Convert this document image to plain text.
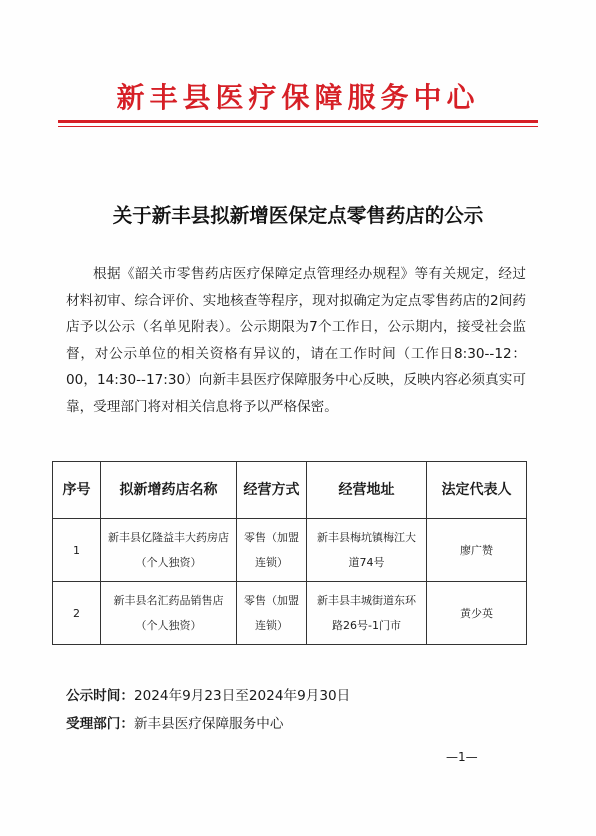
新丰县医疗保障服务中心
关于新丰县拟新增医保定点零售药店的公示
根据《韶关市零售药店医疗保障定点管理经办规程》等有关规定，经过材料初审、综合评价、实地核查等程序，现对拟确定为定点零售药店的2间药店予以公示（名单见附表）。公示期限为7个工作日，公示期内，接受社会监督，对公示单位的相关资格有异议的，请在工作时间（工作日8:30--12：00，14:30--17:30）向新丰县医疗保障服务中心反映，反映内容必须真实可靠，受理部门将对相关信息将予以严格保密。
序号	拟新增药店名称	经营方式	经营地址	法定代表人
1	新丰县亿隆益丰大药房店（个人独资）	零售（加盟连锁）	新丰县梅坑镇梅江大道74号	廖广赞
2	新丰县名汇药品销售店（个人独资）	零售（加盟连锁）	新丰县丰城街道东环路26号-1门市	黄少英
公示时间：2024年9月23日至2024年9月30日
受理部门：新丰县医疗保障服务中心
—1—
